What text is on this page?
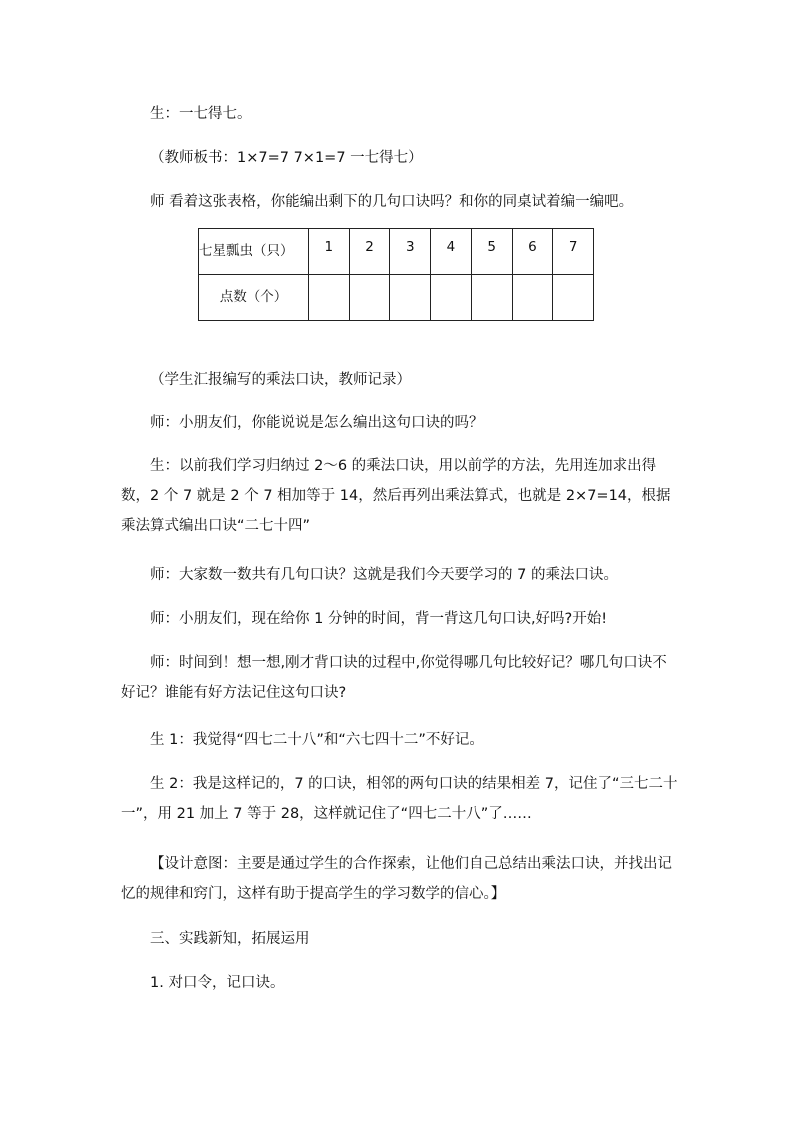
生：一七得七。
（教师板书：1×7=7 7×1=7 一七得七）
师 看着这张表格，你能编出剩下的几句口诀吗？和你的同桌试着编一编吧。
七星瓢虫（只）	1	2	3	4	5	6	7
点数（个）							
（学生汇报编写的乘法口诀，教师记录）
师：小朋友们，你能说说是怎么编出这句口诀的吗？
生：以前我们学习归纳过 2～6 的乘法口诀，用以前学的方法，先用连加求出得数，2 个 7 就是 2 个 7 相加等于 14，然后再列出乘法算式，也就是 2×7=14，根据乘法算式编出口诀“二七十四”
师：大家数一数共有几句口诀？这就是我们今天要学习的 7 的乘法口诀。
师：小朋友们，现在给你 1 分钟的时间，背一背这几句口诀,好吗?开始!
师：时间到！想一想,刚才背口诀的过程中,你觉得哪几句比较好记？哪几句口诀不好记？谁能有好方法记住这句口诀?
生 1：我觉得“四七二十八”和“六七四十二”不好记。
生 2：我是这样记的，7 的口诀，相邻的两句口诀的结果相差 7，记住了“三七二十一”，用 21 加上 7 等于 28，这样就记住了“四七二十八”了……
【设计意图：主要是通过学生的合作探索，让他们自己总结出乘法口诀，并找出记忆的规律和窍门，这样有助于提高学生的学习数学的信心。】
三、实践新知，拓展运用
1. 对口令，记口诀。
